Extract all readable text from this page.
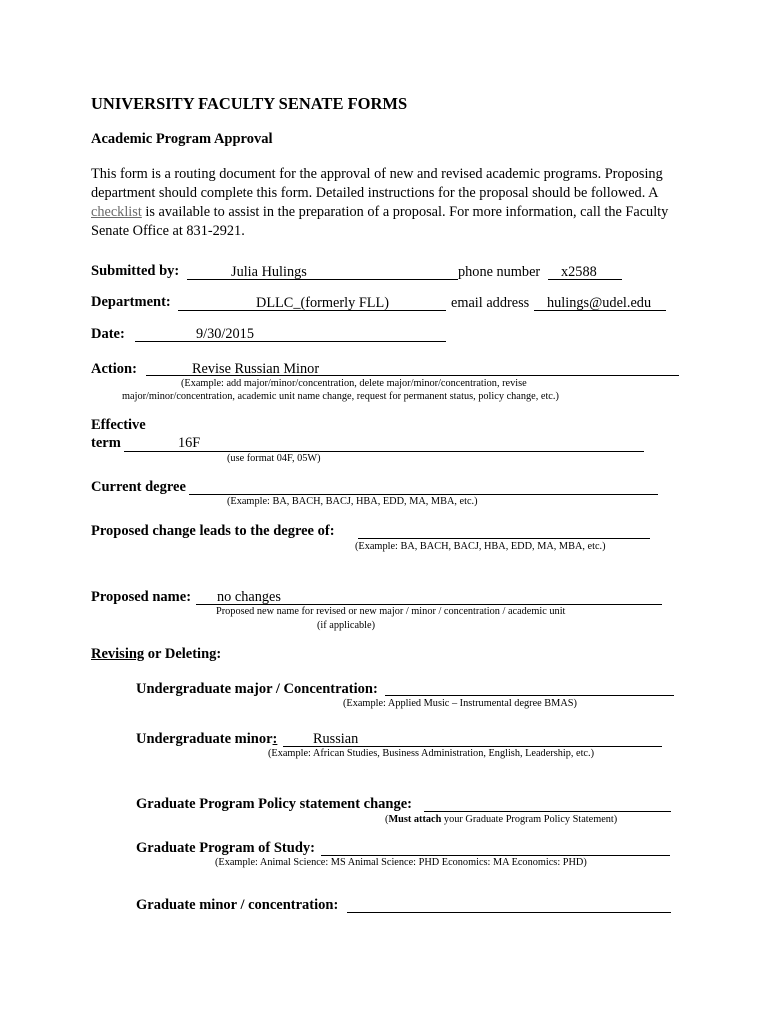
UNIVERSITY FACULTY SENATE FORMS
Academic Program Approval
This form is a routing document for the approval of new and revised academic programs. Proposing department should complete this form. Detailed instructions for the proposal should be followed. A checklist is available to assist in the preparation of a proposal. For more information, call the Faculty Senate Office at 831-2921.
Submitted by:	Julia Hulings	phone number x2588
Department:	DLLC_(formerly FLL)	email address hulings@udel.edu
Date:	9/30/2015
Action:	Revise Russian Minor
(Example: add major/minor/concentration, delete major/minor/concentration, revise
major/minor/concentration, academic unit name change, request for permanent status, policy change, etc.)
Effective
term	16F
(use format 04F, 05W)
Current degree
(Example: BA, BACH, BACJ, HBA, EDD, MA, MBA, etc.)
Proposed change leads to the degree of:
(Example: BA, BACH, BACJ, HBA, EDD, MA, MBA, etc.)
Proposed name: no changes
Proposed new name for revised or new major / minor / concentration / academic unit
(if applicable)
Revising or Deleting:
Undergraduate major / Concentration:
(Example: Applied Music – Instrumental degree BMAS)
Undergraduate minor: Russian
(Example: African Studies, Business Administration, English, Leadership, etc.)
Graduate Program Policy statement change:
(Must attach your Graduate Program Policy Statement)
Graduate Program of Study:
(Example: Animal Science: MS Animal Science: PHD Economics: MA Economics: PHD)
Graduate minor / concentration:
